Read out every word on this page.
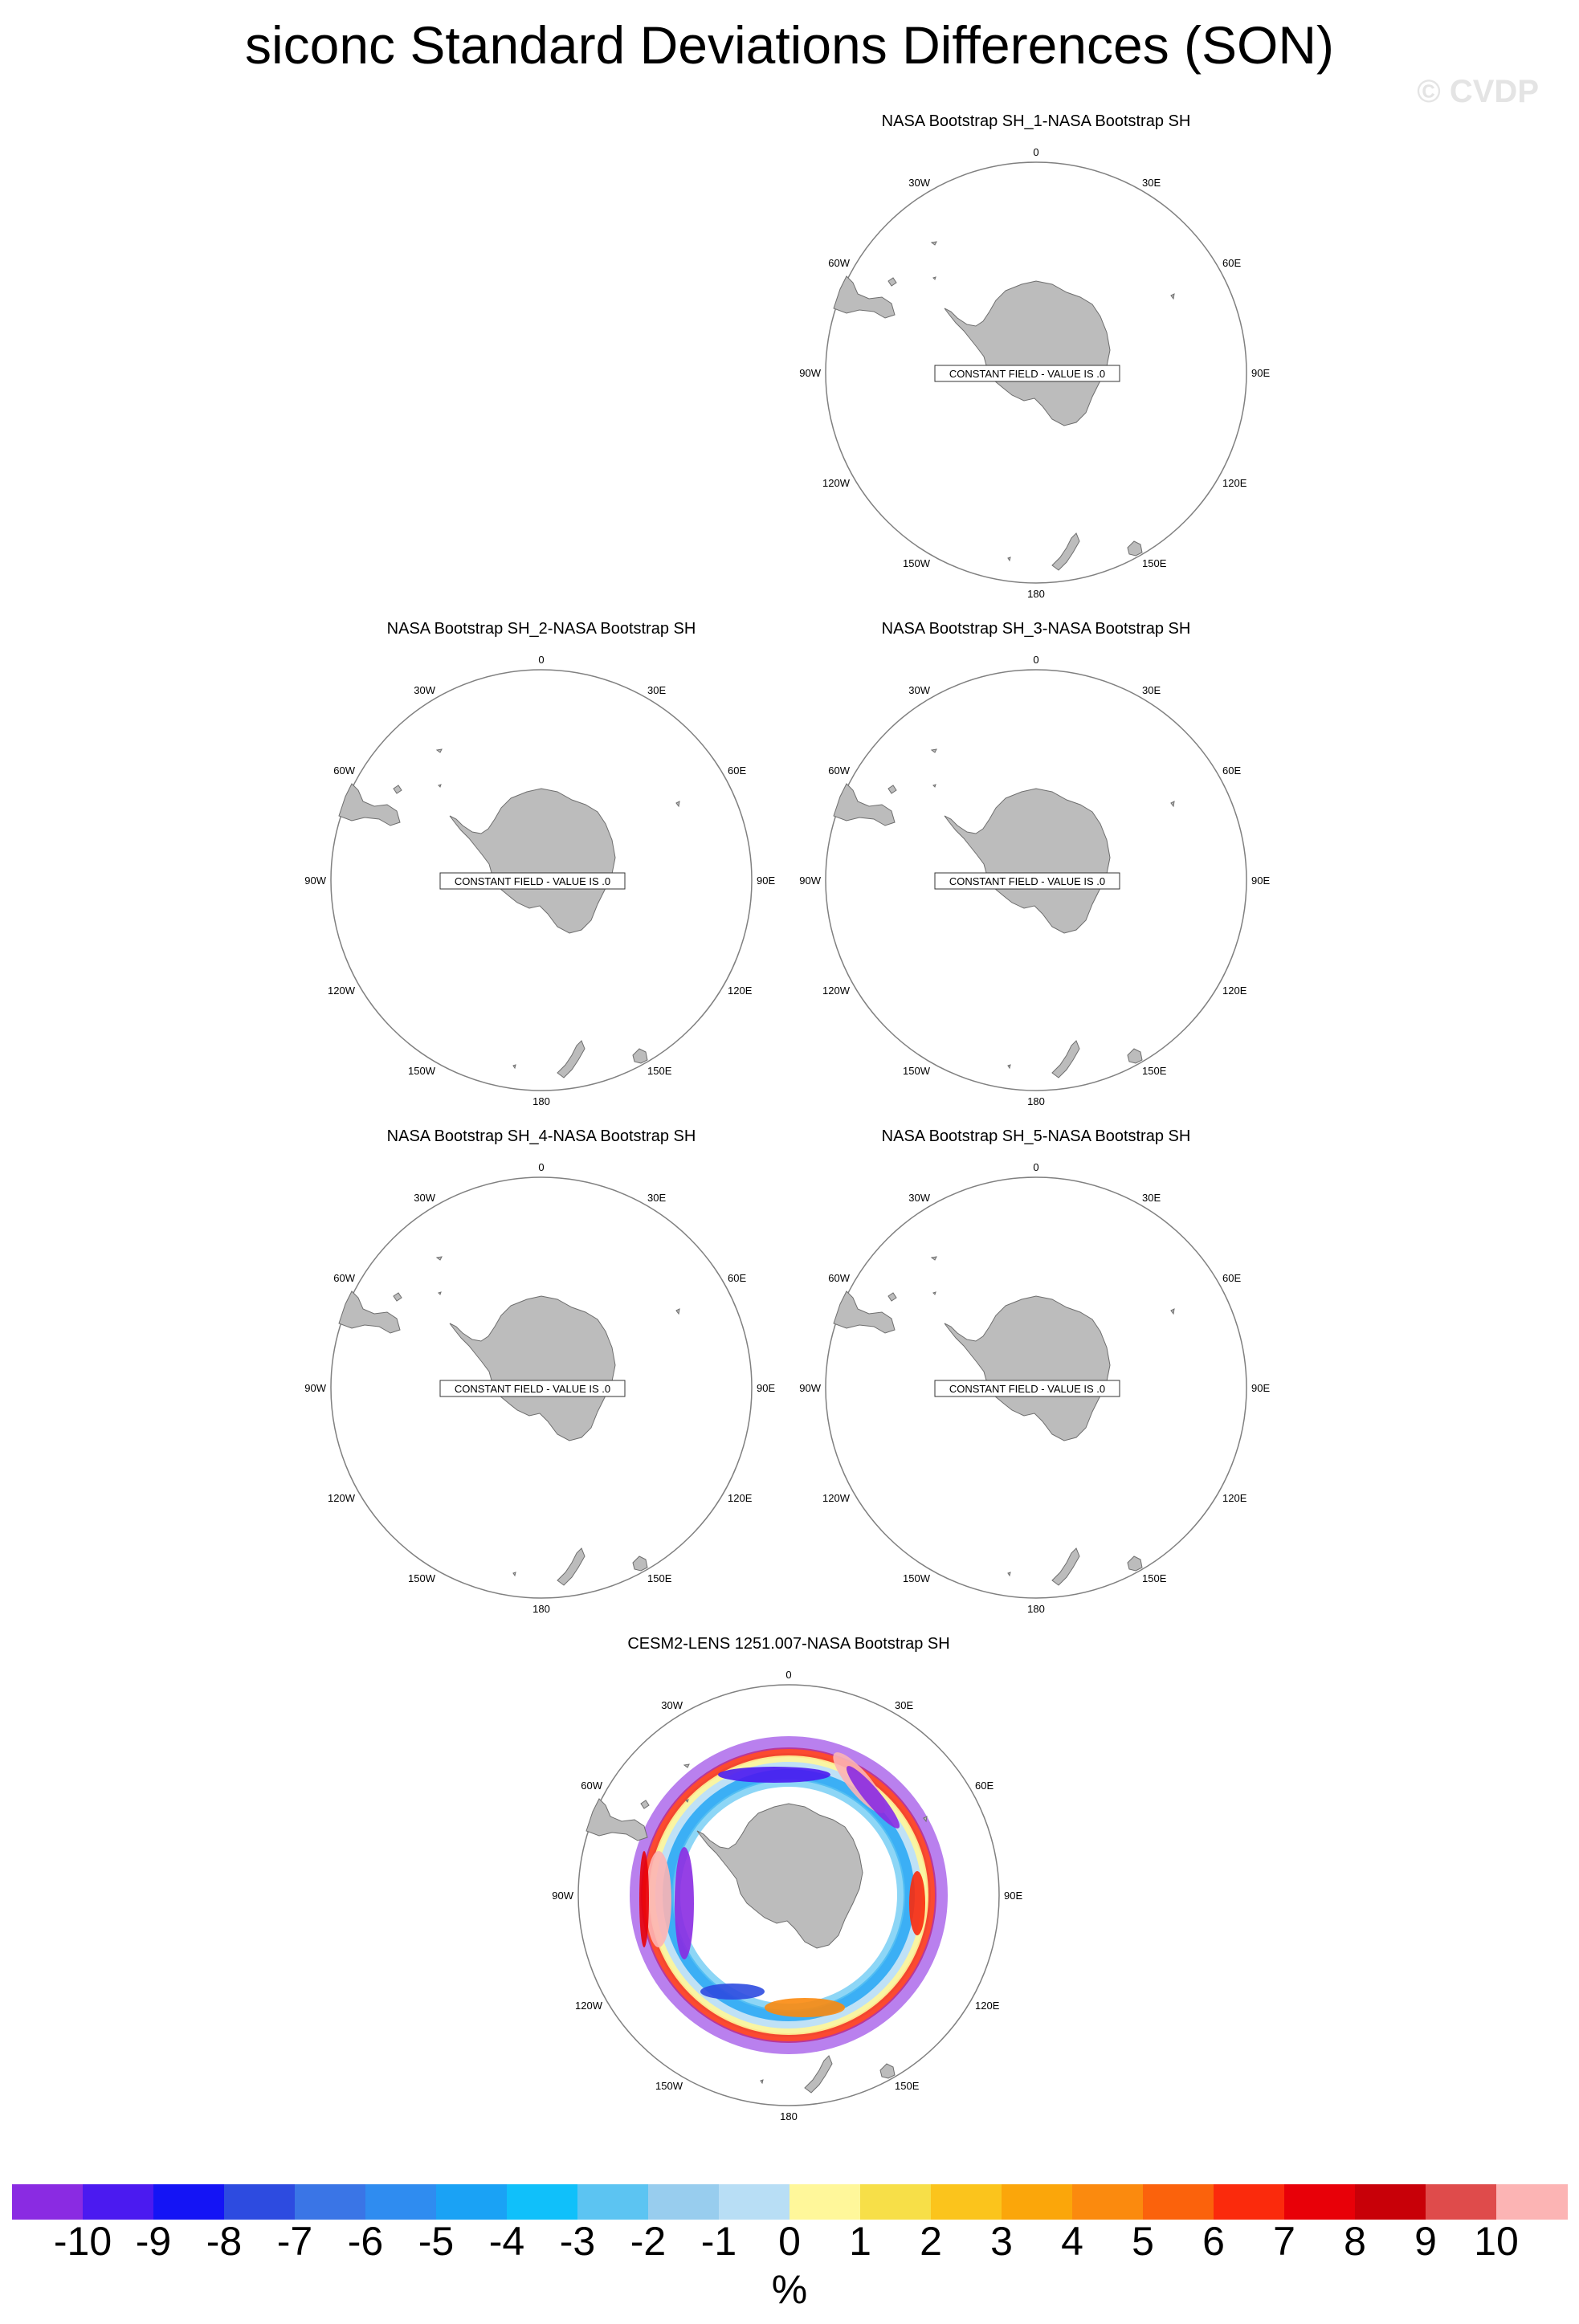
siconc Standard Deviations Differences (SON)
© CVDP
NASA Bootstrap SH_1-NASA Bootstrap SH
0
30W	30E
60W	60E
90W	90E
120W	120E
150W	150E
180
CONSTANT FIELD - VALUE IS .0
NASA Bootstrap SH_2-NASA Bootstrap SH
0
30W	30E
60W	60E
90W	90E
120W	120E
150W	150E
180
CONSTANT FIELD - VALUE IS .0
NASA Bootstrap SH_3-NASA Bootstrap SH
0
30W	30E
60W	60E
90W	90E
120W	120E
150W	150E
180
CONSTANT FIELD - VALUE IS .0
NASA Bootstrap SH_4-NASA Bootstrap SH
0
30W	30E
60W	60E
90W	90E
120W	120E
150W	150E
180
CONSTANT FIELD - VALUE IS .0
NASA Bootstrap SH_5-NASA Bootstrap SH
0
30W	30E
60W	60E
90W	90E
120W	120E
150W	150E
180
CONSTANT FIELD - VALUE IS .0
CESM2-LENS 1251.007-NASA Bootstrap SH
0
30W	30E
60W	60E
90W	90E
120W	120E
150W	150E
180
-10 -9 -8 -7 -6 -5 -4 -3 -2 -1	0	1	2	3	4	5	6	7	8	9 10
%
